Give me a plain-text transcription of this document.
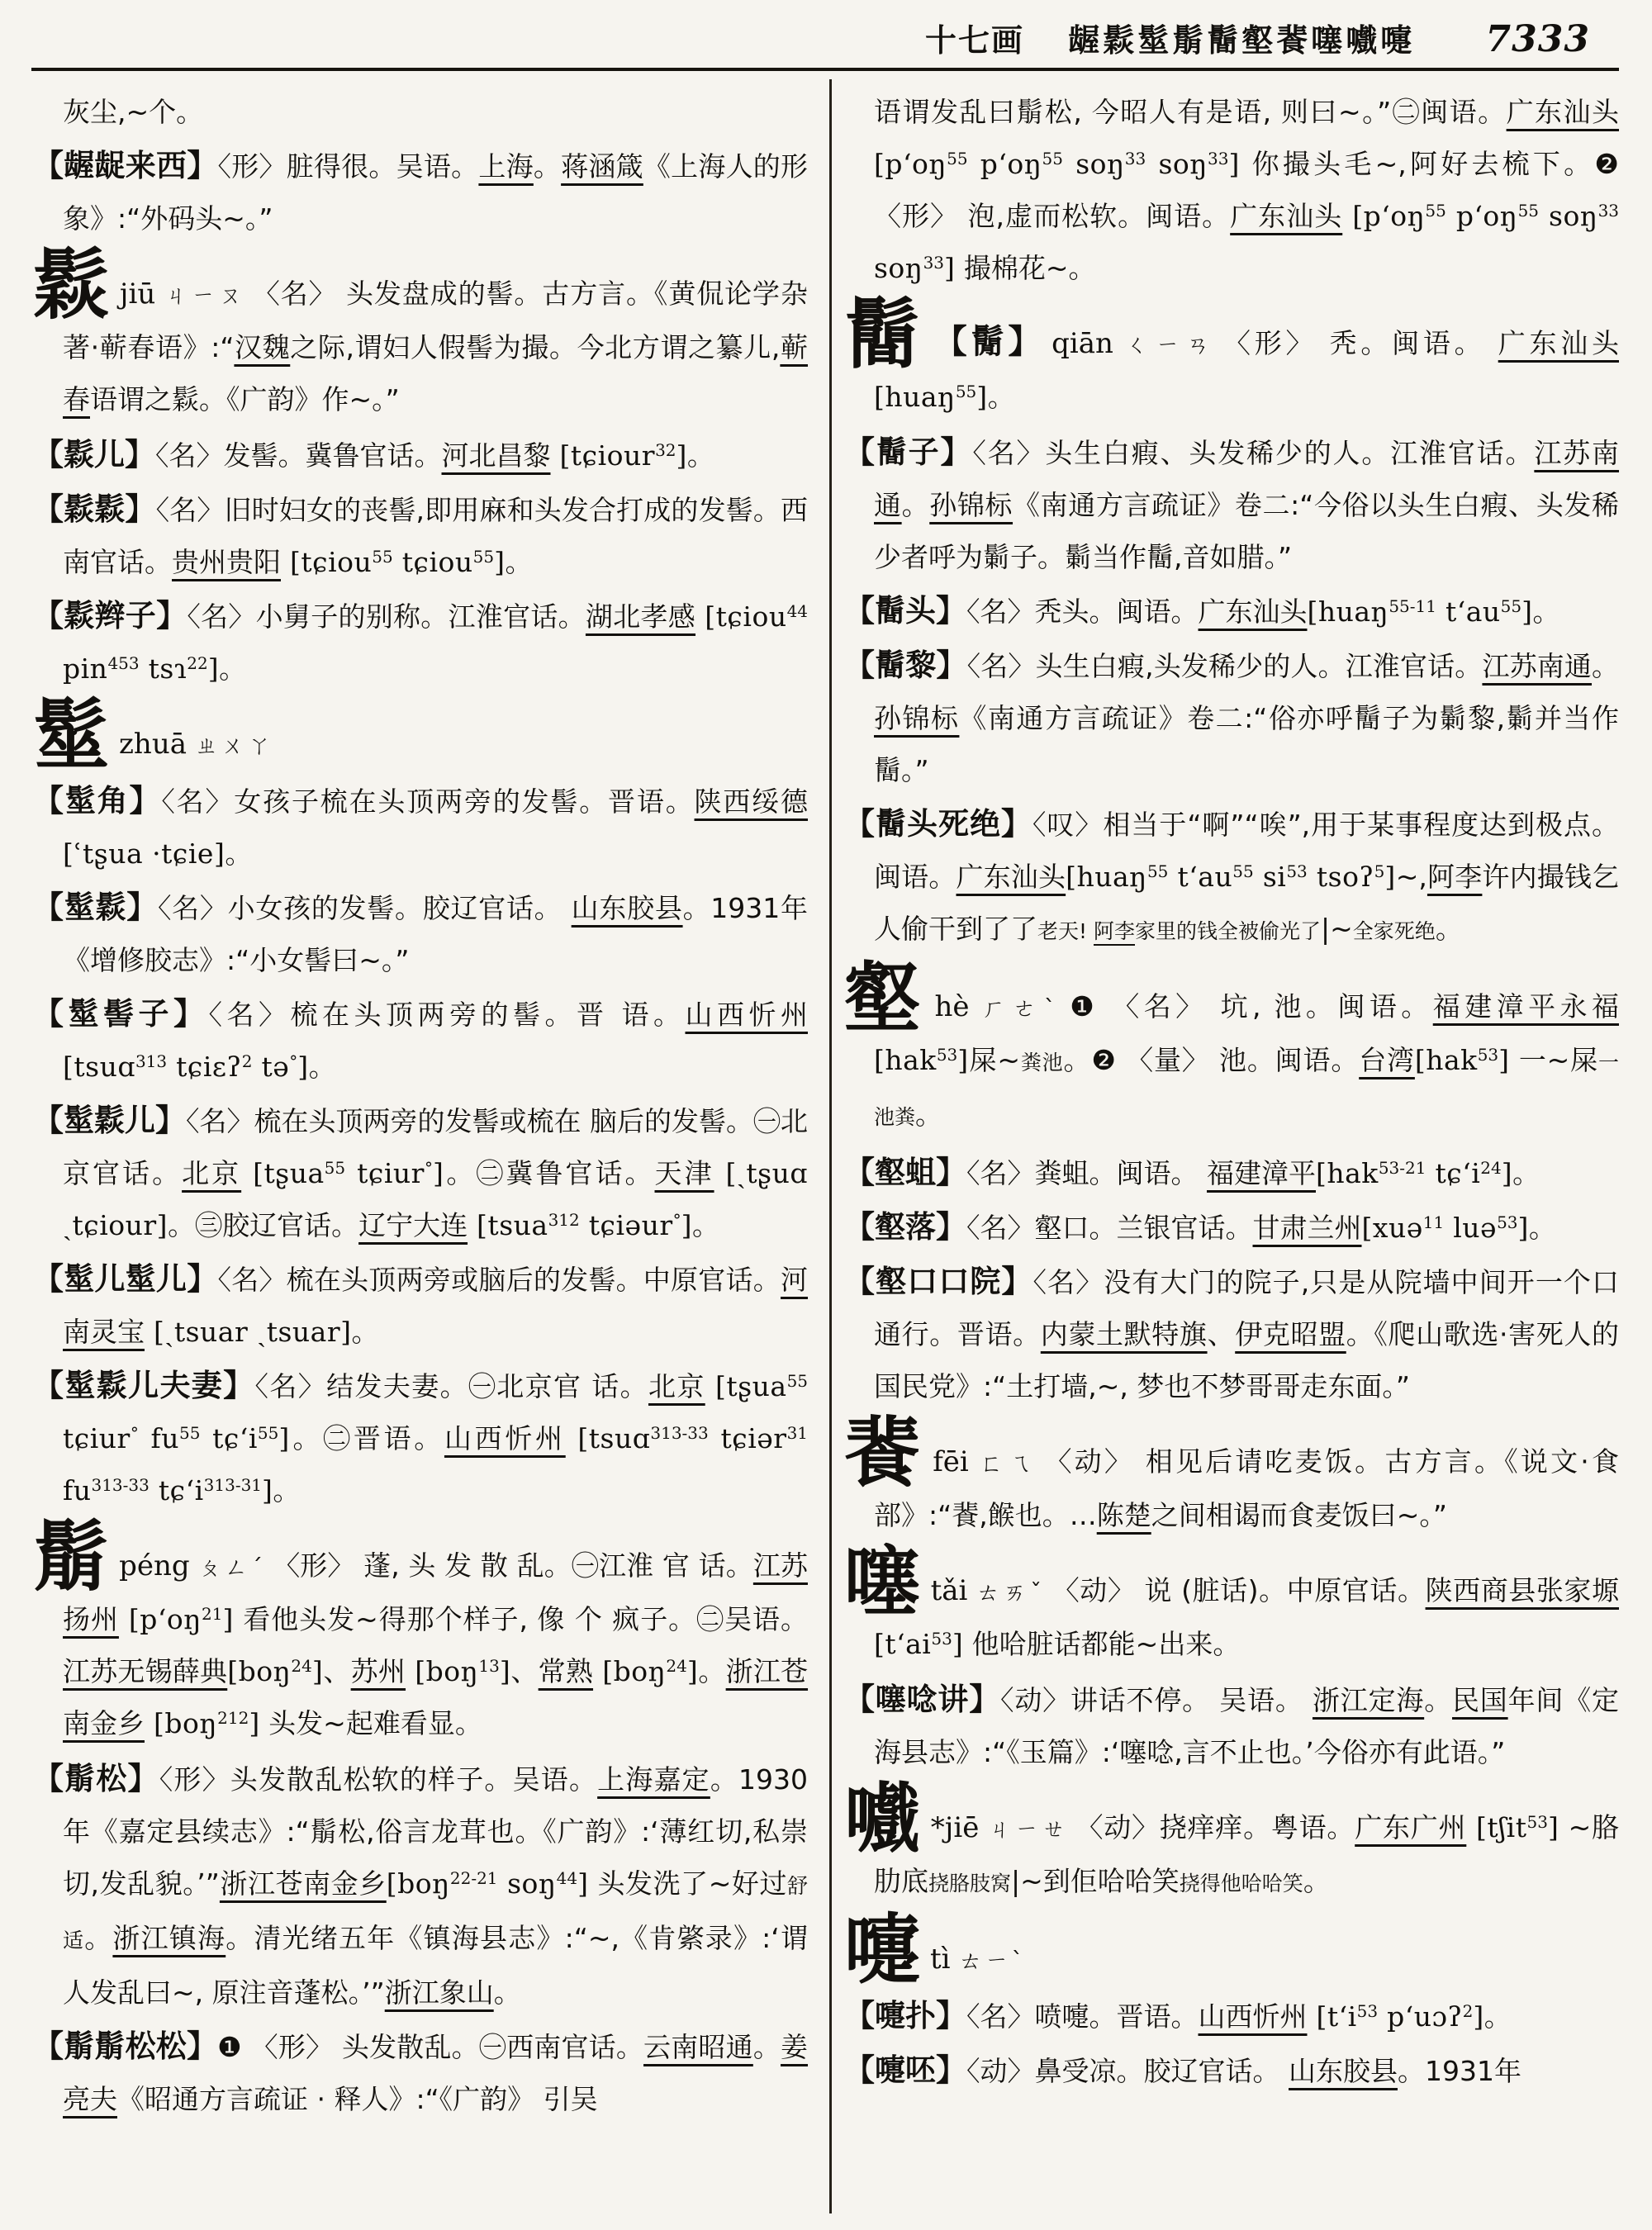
十七画 龌鬏髽鬅鬝壑餥噻嚱嚏 7333

灰尘,~个。

【龌龊来西】〈形〉脏得很。吴语。上海。蒋涵箴《上海人的形象》:“外码头~。”

鬏jiū ㄐㄧㄡ 〈名〉 头发盘成的髻。古方言。《黄侃论学杂著·蕲春语》:“汉魏之际,谓妇人假髻为撮。今北方谓之纂儿,蕲春语谓之鬏。《广韵》作~。”

【鬏儿】〈名〉发髻。冀鲁官话。河北昌黎 [tɕiour$^{32}$]。

【鬏鬏】〈名〉旧时妇女的丧髻,即用麻和头发合打成的发髻。西南官话。贵州贵阳 [tɕiou$^{55}$ tɕiou$^{55}$]。

【鬏辫子】〈名〉小舅子的别称。江淮官话。湖北孝感 [tɕiou$^{44}$ pin$^{453}$ tsɿ$^{22}$]。

髽zhuā ㄓㄨㄚ

【髽角】〈名〉女孩子梳在头顶两旁的发髻。晋语。陕西绥德 [ʿtʂua ·tɕie]。

【髽鬏】〈名〉小女孩的发髻。胶辽官话。 山东胶县。1931年《增修胶志》:“小女髻曰~。”

【髽髻子】〈名〉梳在头顶两旁的髻。晋 语。山西忻州 [tsuɑ$^{313}$ tɕiɛʔ$^2$ tə°]。

【髽鬏儿】〈名〉梳在头顶两旁的发髻或梳在 脑后的发髻。㊀北京官话。北京 [tʂua$^{55}$ tɕiur°]。㊁冀鲁官话。天津 [ˎtʂuɑ ˎtɕiour]。㊂胶辽官话。辽宁大连 [tsua$^{312}$ tɕiəur°]。

【髽儿髽儿】〈名〉梳在头顶两旁或脑后的发髻。中原官话。河南灵宝 [ˎtsuar ˎtsuar]。

【髽鬏儿夫妻】〈名〉结发夫妻。㊀北京官 话。北京 [tʂua$^{55}$ tɕiur° $fu^{55}$ tɕʻi$^{55}$]。㊁晋语。山西忻州 [tsuɑ$^{313-33}$ tɕiər$^{31}$ $fu^{313-33}$ tɕʻi$^{313-31}$]。

鬅péng ㄆㄥˊ 〈形〉 蓬, 头 发 散 乱。㊀江淮 官 话。江苏扬州 [pʻoŋ$^{21}$] 看他头发~得那个样子, 像 个 疯子。㊁吴语。江苏无锡薛典[boŋ$^{24}$]、苏州 [boŋ$^{13}$]、常熟 [boŋ$^{24}$]。浙江苍南金乡 [boŋ$^{212}$] 头发~起难看显。

【鬅松】〈形〉头发散乱松软的样子。吴语。上海嘉定。1930年《嘉定县续志》:“鬅松,俗言龙茸也。《广韵》:‘薄红切,私崇切,发乱貌。’”浙江苍南金乡[boŋ$^{22-21}$ soŋ$^{44}$] 头发洗了~好过舒适。浙江镇海。清光绪五年《镇海县志》:“~,《肯綮录》:‘谓人发乱曰~, 原注音蓬松。’”浙江象山。

【鬅鬅松松】❶ 〈形〉 头发散乱。㊀西南官话。云南昭通。姜亮夫《昭通方言疏证 · 释人》:“《广韵》 引吴

语谓发乱曰鬅松, 今昭人有是语, 则曰~。”㊁闽语。广东汕头 [pʻoŋ$^{55}$ pʻoŋ$^{55}$ soŋ$^{33}$ soŋ$^{33}$] 你撮头毛~,阿好去梳下。❷ 〈形〉 泡,虚而松软。闽语。广东汕头 [pʻoŋ$^{55}$ pʻoŋ$^{55}$ soŋ$^{33}$ soŋ$^{33}$] 撮棉花~。

鬝 【鬜】 qiān ㄑㄧㄢ 〈形〉 秃。闽语。 广东汕头 [huaŋ$^{55}$]。

【鬝子】〈名〉头生白瘕、头发稀少的人。江淮官话。江苏南通。孙锦标《南通方言疏证》卷二:“今俗以头生白瘕、头发稀少者呼为鬎子。鬎当作鬝,音如腊。”

【鬝头】〈名〉秃头。闽语。广东汕头[huaŋ$^{55-11}$ tʻau$^{55}$]。

【鬝黎】〈名〉头生白瘕,头发稀少的人。江淮官话。江苏南通。孙锦标《南通方言疏证》卷二:“俗亦呼鬝子为鬎黎,鬎并当作鬝。”

【鬝头死绝】〈叹〉相当于“啊”“唉”,用于某事程度达到极点。闽语。广东汕头[huaŋ$^{55}$ tʻau$^{55}$ $si^{53}$ tsoʔ$^5$]~,阿李许内撮钱乞人偷干到了了老天! 阿李家里的钱全被偷光了|~全家死绝。

壑hè ㄏㄜˋ ❶ 〈名〉 坑, 池。闽语。福建漳平永福 [hak$^{53}$]屎~粪池。❷ 〈量〉 池。闽语。台湾[hak$^{53}$] 一~屎一池粪。

【壑蛆】〈名〉粪蛆。闽语。 福建漳平[hak$^{53-21}$ tɕʻi$^{24}$]。

【壑落】〈名〉壑口。兰银官话。甘肃兰州[xuə$^{11}$ luə$^{53}$]。

【壑口口院】〈名〉没有大门的院子,只是从院墙中间开一个口通行。晋语。内蒙土默特旗、伊克昭盟。《爬山歌选·害死人的国民党》:“土打墙,~, 梦也不梦哥哥走东面。”

餥fēi ㄈㄟ 〈动〉 相见后请吃麦饭。古方言。《说文·食部》:“餥,餱也。…陈楚之间相谒而食麦饭曰~。”

噻tǎi ㄊㄞˇ 〈动〉 说 (脏话)。中原官话。陕西商县张家塬 [tʻai$^{53}$] 他哈脏话都能~出来。

【噻唸讲】〈动〉讲话不停。 吴语。 浙江定海。民国年间《定海县志》:“《玉篇》:‘噻唸,言不止也。’今俗亦有此语。”

嚱 *jiē ㄐㄧㄝ 〈动〉挠痒痒。粤语。广东广州 [tʃit$^{53}$] ~胳肋底挠胳肢窝|~到佢哈哈笑挠得他哈哈笑。

嚏tì ㄊㄧˋ

【嚏扑】〈名〉喷嚏。晋语。山西忻州 [tʻi$^{53}$ pʻuɔʔ$^2$]。

【嚏呸】〈动〉鼻受凉。胶辽官话。 山东胶县。1931年
